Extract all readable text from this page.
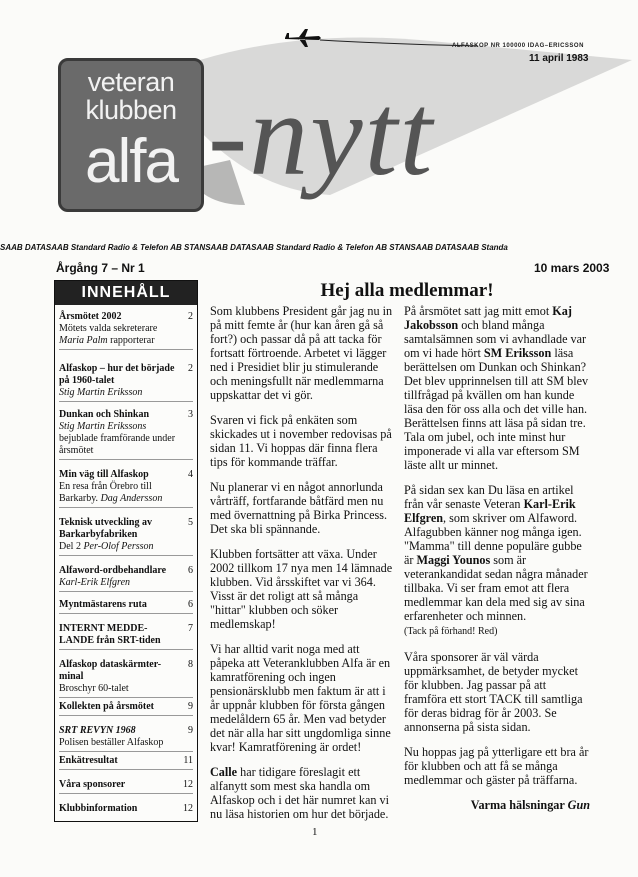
ALFASKOP NR 100000 IDAG–ERICSSON
11 april 1983
veteran
klubben
alfa -nytt
SAAB DATASAAB Standard Radio & Telefon AB STANSAAB DATASAAB Standard Radio & Telefon AB STANSAAB DATASAAB Standa
Årgång 7 – Nr 1	10 mars 2003
INNEHÅLL
Årsmötet 2002
Mötets valda sekreterare
Maria Palm rapporterar
2
Alfaskop – hur det började på 1960-talet
Stig Martin Eriksson
2
Dunkan och Shinkan
Stig Martin Erikssons
bejublade framförande under årsmötet
3
Min väg till Alfaskop
En resa från Örebro till Barkarby. Dag Andersson
4
Teknisk utveckling av Barkarbyfabriken
Del 2 Per-Olof Persson
5
Alfaword-ordbehandlare
Karl-Erik Elfgren
6
Myntmästarens ruta	6
INTERNT MEDDE-LANDE från SRT-tiden
7
Alfaskop dataskärmter-minal
Broschyr 60-talet
8
Kollekten på årsmötet	9
SRT REVYN 1968
Polisen beställer Alfaskop
9
Enkätresultat	11
Våra sponsorer	12
Klubbinformation	12
Hej alla medlemmar!

Som klubbens President går jag nu in på mitt femte år (hur kan åren gå så fort?) och passar då på att tacka för fortsatt förtroende. Arbetet vi lägger ned i Presidiet blir ju stimulerande och meningsfullt när medlemmarna uppskattar det vi gör.

Svaren vi fick på enkäten som skickades ut i november redovisas på sidan 11. Vi hoppas där finna flera tips för kommande träffar.

Nu planerar vi en något annorlunda vårträff, fortfarande båtfärd men nu med övernattning på Birka Princess. Det ska bli spännande.

Klubben fortsätter att växa. Under 2002 tillkom 17 nya men 14 lämnade klubben. Vid årsskiftet var vi 364. Visst är det roligt att så många "hittar" klubben och söker medlemskap!

Vi har alltid varit noga med att påpeka att Veteranklubben Alfa är en kamratförening och ingen pensionärsklubb men faktum är att i år uppnår klubben för första gången medelåldern 65 år. Men vad betyder det när alla har sitt ungdomliga sinne kvar! Kamratförening är ordet!

Calle har tidigare föreslagit ett alfanytt som mest ska handla om Alfaskop och i det här numret kan vi nu läsa historien om hur det började.

På årsmötet satt jag mitt emot Kaj Jakobsson och bland många samtalsämnen som vi avhandlade var om vi hade hört SM Eriksson läsa berättelsen om Dunkan och Shinkan? Det blev upprinnelsen till att SM blev tillfrågad på kvällen om han kunde läsa den för oss alla och det ville han. Berättelsen finns att läsa på sidan tre. Tala om jubel, och inte minst hur imponerade vi alla var eftersom SM läste allt ur minnet.

På sidan sex kan Du läsa en artikel från vår senaste Veteran Karl-Erik Elfgren, som skriver om Alfaword. Alfagubben känner nog många igen. "Mamma" till denne populäre gubbe är Maggi Younos som är veterankandidat sedan några månader tillbaka. Vi ser fram emot att flera medlemmar kan dela med sig av sina erfarenheter och minnen.
(Tack på förhand! Red)

Våra sponsorer är väl värda uppmärksamhet, de betyder mycket för klubben. Jag passar på att framföra ett stort TACK till samtliga för deras bidrag för år 2003. Se annonserna på sista sidan.

Nu hoppas jag på ytterligare ett bra år för klubben och att få se många medlemmar och gäster på träffarna.

Varma hälsningar Gun

1
